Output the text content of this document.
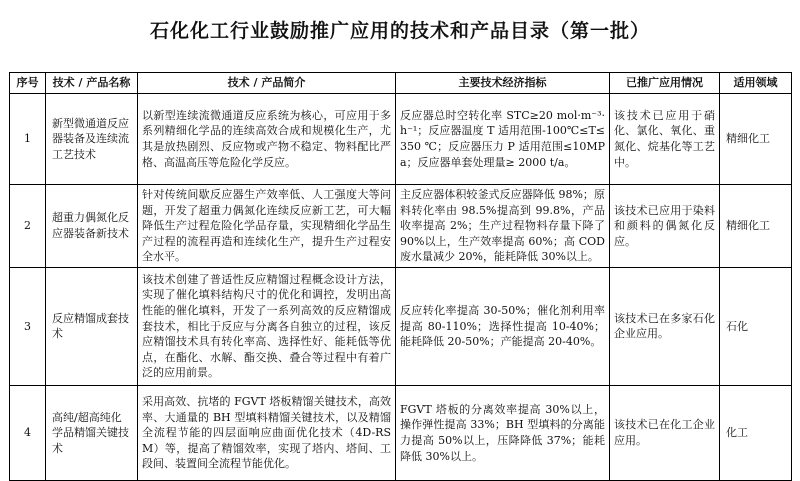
石化化工行业鼓励推广应用的技术和产品目录（第一批）
序号	技术 / 产品名称	技术 / 产品简介	主要技术经济指标	已推广应用情况	适用领域
1	新型微通道反应器装备及连续流工艺技术	以新型连续流微通道反应系统为核心，可应用于多系列精细化学品的连续高效合成和规模化生产，尤其是放热剧烈、反应物或产物不稳定、物料配比严格、高温高压等危险化学反应。	反应器总时空转化率 STC≥20 mol·m⁻³·h⁻¹；反应器温度 T 适用范围-100℃≤T≤350 ℃；反应器压力 P 适用范围≤10MPa；反应器单套处理量≥ 2000 t/a。	该技术已应用于硝化、氯化、氧化、重氮化、烷基化等工艺中。	精细化工
2	超重力偶氮化反应器装备新技术	针对传统间歇反应器生产效率低、人工强度大等问题，开发了超重力偶氮化连续反应新工艺，可大幅降低生产过程危险化学品存量，实现精细化学品生产过程的流程再造和连续化生产，提升生产过程安全水平。	主反应器体积较釜式反应器降低 98%；原料转化率由 98.5%提高到 99.8%，产品收率提高 2%；生产过程物料存量下降了 90%以上，生产效率提高 60%；高 COD 废水量减少 20%，能耗降低 30%以上。	该技术已应用于染料和颜料的偶氮化反应。	精细化工
3	反应精馏成套技术	该技术创建了普适性反应精馏过程概念设计方法，实现了催化填料结构尺寸的优化和调控，发明出高性能的催化填料，开发了一系列高效的反应精馏成套技术，相比于反应与分离各自独立的过程，该反应精馏技术具有转化率高、选择性好、能耗低等优点，在酯化、水解、酯交换、叠合等过程中有着广泛的应用前景。	反应转化率提高 30-50%；催化剂利用率提高 80-110%；选择性提高 10-40%；能耗降低 20-50%；产能提高 20-40%。	该技术已在多家石化企业应用。	石化
4	高纯/超高纯化学品精馏关键技术	采用高效、抗堵的 FGVT 塔板精馏关键技术，高效率、大通量的 BH 型填料精馏关键技术，以及精馏全流程节能的四层面响应曲面优化技术（4D-RSM）等，提高了精馏效率，实现了塔内、塔间、工段间、装置间全流程节能优化。	FGVT 塔板的分离效率提高 30%以上，操作弹性提高 33%；BH 型填料的分离能力提高 50%以上，压降降低 37%；能耗降低 30%以上。	该技术已在化工企业应用。	化工
